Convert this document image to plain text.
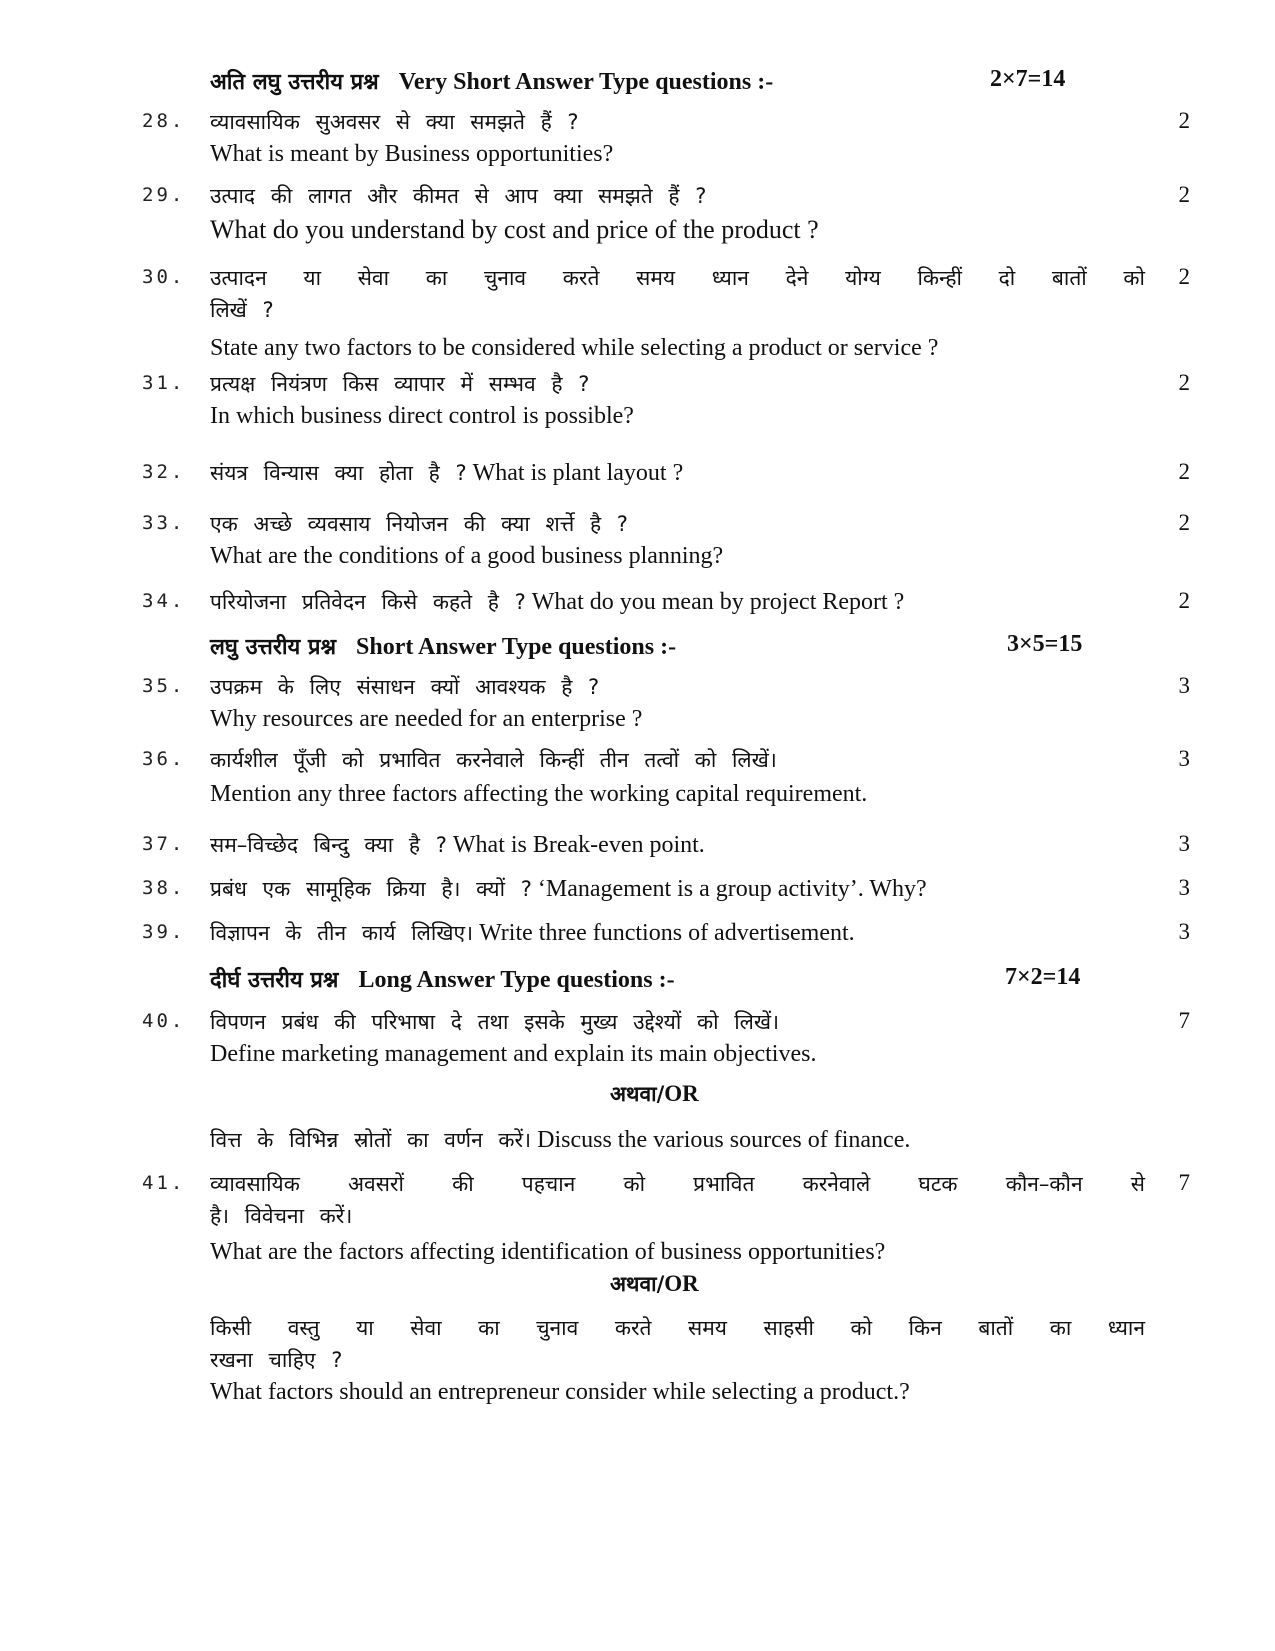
अति लघु उत्तरीय प्रश्न Very Short Answer Type questions :-	2×7=14
28. व्यावसायिक सुअवसर से क्या समझते हैं ?
What is meant by Business opportunities?
2
29. उत्पाद की लागत और कीमत से आप क्या समझते हैं ?
What do you understand by cost and price of the product ?
2
30. उत्पादन या सेवा का चुनाव करते समय ध्यान देने योग्य किन्हीं दो बातों को
लिखें ?
State any two factors to be considered while selecting a product or service ?
2
31. प्रत्यक्ष नियंत्रण किस व्यापार में सम्भव है ?
In which business direct control is possible?
2
32. संयत्र विन्यास क्या होता है ? What is plant layout ?	2
33. एक अच्छे व्यवसाय नियोजन की क्या शर्त्ते है ?
What are the conditions of a good business planning?
2
34. परियोजना प्रतिवेदन किसे कहते है ? What do you mean by project Report ?	2
लघु उत्तरीय प्रश्न Short Answer Type questions :-	3×5=15
35. उपक्रम के लिए संसाधन क्यों आवश्यक है ?
Why resources are needed for an enterprise ?
3
36. कार्यशील पूँजी को प्रभावित करनेवाले किन्हीं तीन तत्वों को लिखें।
Mention any three factors affecting the working capital requirement.
3
37. सम–विच्छेद बिन्दु क्या है ? What is Break-even point.	3
38. प्रबंध एक सामूहिक क्रिया है। क्यों ? ‘Management is a group activity’. Why?	3
39. विज्ञापन के तीन कार्य लिखिए। Write three functions of advertisement.	3
दीर्घ उत्तरीय प्रश्न Long Answer Type questions :-	7×2=14
40. विपणन प्रबंध की परिभाषा दे तथा इसके मुख्य उद्देश्यों को लिखें।
Define marketing management and explain its main objectives.
7
अथवा/OR
वित्त के विभिन्न स्रोतों का वर्णन करें। Discuss the various sources of finance.
41. व्यावसायिक अवसरों की पहचान को प्रभावित करनेवाले घटक कौन–कौन से
है। विवेचना करें।
What are the factors affecting identification of business opportunities?
7
अथवा/OR
किसी वस्तु या सेवा का चुनाव करते समय साहसी को किन बातों का ध्यान
रखना चाहिए ?
What factors should an entrepreneur consider while selecting a product.?
